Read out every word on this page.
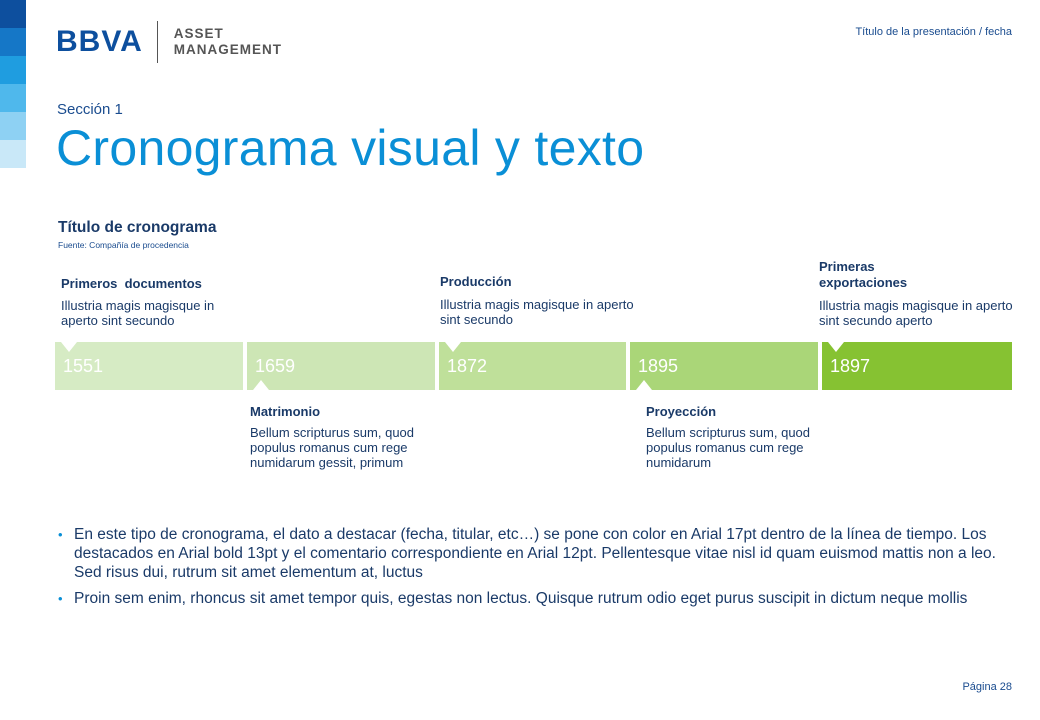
BBVA ASSET
MANAGEMENT
Título de la presentación / fecha
Sección 1
Cronograma visual y texto
Título de cronograma
Fuente: Compañía de procedencia
1551	1659	1872	1895	1897
Primeros  documentos
Illustria magis magisque in aperto sint secundo
Producción
Illustria magis magisque in aperto sint secundo
Primeras exportaciones
Illustria magis magisque in aperto sint secundo aperto
Matrimonio
Bellum scripturus sum, quod populus romanus cum rege numidarum gessit, primum
Proyección
Bellum scripturus sum, quod populus romanus cum rege numidarum
• En este tipo de cronograma, el dato a destacar (fecha, titular, etc…) se pone con color en Arial 17pt dentro de la línea de tiempo. Los destacados en Arial bold 13pt y el comentario correspondiente en Arial 12pt. Pellentesque vitae nisl id quam euismod mattis non a leo. Sed risus dui, rutrum sit amet elementum at, luctus
• Proin sem enim, rhoncus sit amet tempor quis, egestas non lectus. Quisque rutrum odio eget purus suscipit in dictum neque mollis
Página 28
